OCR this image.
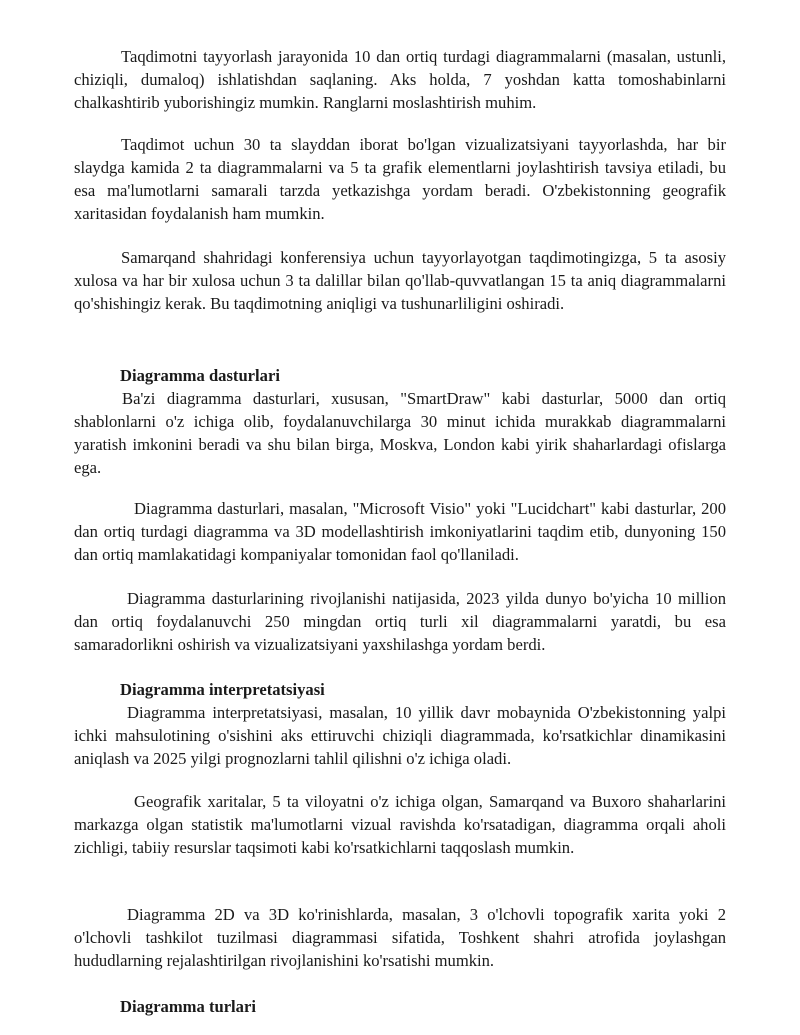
Taqdimotni tayyorlash jarayonida 10 dan ortiq turdagi diagrammalarni (masalan, ustunli, chiziqli, dumaloq) ishlatishdan saqlaning. Aks holda, 7 yoshdan katta tomoshabinlarni chalkashtirib yuborishingiz mumkin. Ranglarni moslashtirish muhim.

Taqdimot uchun 30 ta slayddan iborat bo'lgan vizualizatsiyani tayyorlashda, har bir slaydga kamida 2 ta diagrammalarni va 5 ta grafik elementlarni joylashtirish tavsiya etiladi, bu esa ma'lumotlarni samarali tarzda yetkazishga yordam beradi. O'zbekistonning geografik xaritasidan foydalanish ham mumkin.

Samarqand shahridagi konferensiya uchun tayyorlayotgan taqdimotingizga, 5 ta asosiy xulosa va har bir xulosa uchun 3 ta dalillar bilan qo'llab-quvvatlangan 15 ta aniq diagrammalarni qo'shishingiz kerak. Bu taqdimotning aniqligi va tushunarliligini oshiradi.

Diagramma dasturlari

Ba'zi diagramma dasturlari, xususan, "SmartDraw" kabi dasturlar, 5000 dan ortiq shablonlarni o'z ichiga olib, foydalanuvchilarga 30 minut ichida murakkab diagrammalarni yaratish imkonini beradi va shu bilan birga, Moskva, London kabi yirik shaharlardagi ofislarga ega.

Diagramma dasturlari, masalan, "Microsoft Visio" yoki "Lucidchart" kabi dasturlar, 200 dan ortiq turdagi diagramma va 3D modellashtirish imkoniyatlarini taqdim etib, dunyoning 150 dan ortiq mamlakatidagi kompaniyalar tomonidan faol qo'llaniladi.

Diagramma dasturlarining rivojlanishi natijasida, 2023 yilda dunyo bo'yicha 10 million dan ortiq foydalanuvchi 250 mingdan ortiq turli xil diagrammalarni yaratdi, bu esa samaradorlikni oshirish va vizualizatsiyani yaxshilashga yordam berdi.

Diagramma interpretatsiyasi

Diagramma interpretatsiyasi, masalan, 10 yillik davr mobaynida O'zbekistonning yalpi ichki mahsulotining o'sishini aks ettiruvchi chiziqli diagrammada, ko'rsatkichlar dinamikasini aniqlash va 2025 yilgi prognozlarni tahlil qilishni o'z ichiga oladi.

Geografik xaritalar, 5 ta viloyatni o'z ichiga olgan, Samarqand va Buxoro shaharlarini markazga olgan statistik ma'lumotlarni vizual ravishda ko'rsatadigan, diagramma orqali aholi zichligi, tabiiy resurslar taqsimoti kabi ko'rsatkichlarni taqqoslash mumkin.

Diagramma 2D va 3D ko'rinishlarda, masalan, 3 o'lchovli topografik xarita yoki 2 o'lchovli tashkilot tuzilmasi diagrammasi sifatida, Toshkent shahri atrofida joylashgan hududlarning rejalashtirilgan rivojlanishini ko'rsatishi mumkin.

Diagramma turlari
